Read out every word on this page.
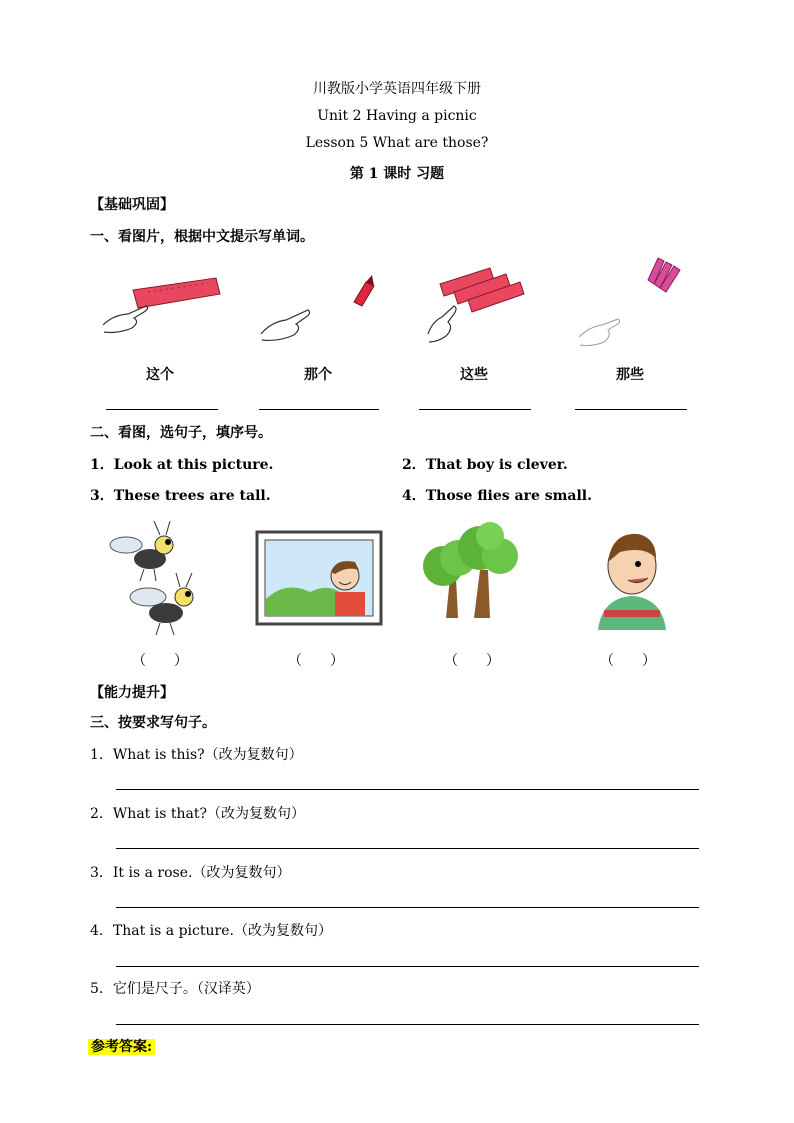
川教版小学英语四年级下册
Unit 2 Having a picnic
Lesson 5 What are those?
第 1 课时 习题
【基础巩固】
一、看图片，根据中文提示写单词。
这个	那个	这些	那些
二、看图，选句子，填序号。
1．Look at this picture.	2．That boy is clever.
3．These trees are tall.	4．Those flies are small.
（　　）	（　　）	（　　）	（　　）
【能力提升】
三、按要求写句子。
1．What is this?（改为复数句）
2．What is that?（改为复数句）
3．It is a rose.（改为复数句）
4．That is a picture.（改为复数句）
5．它们是尺子。（汉译英）
参考答案:
